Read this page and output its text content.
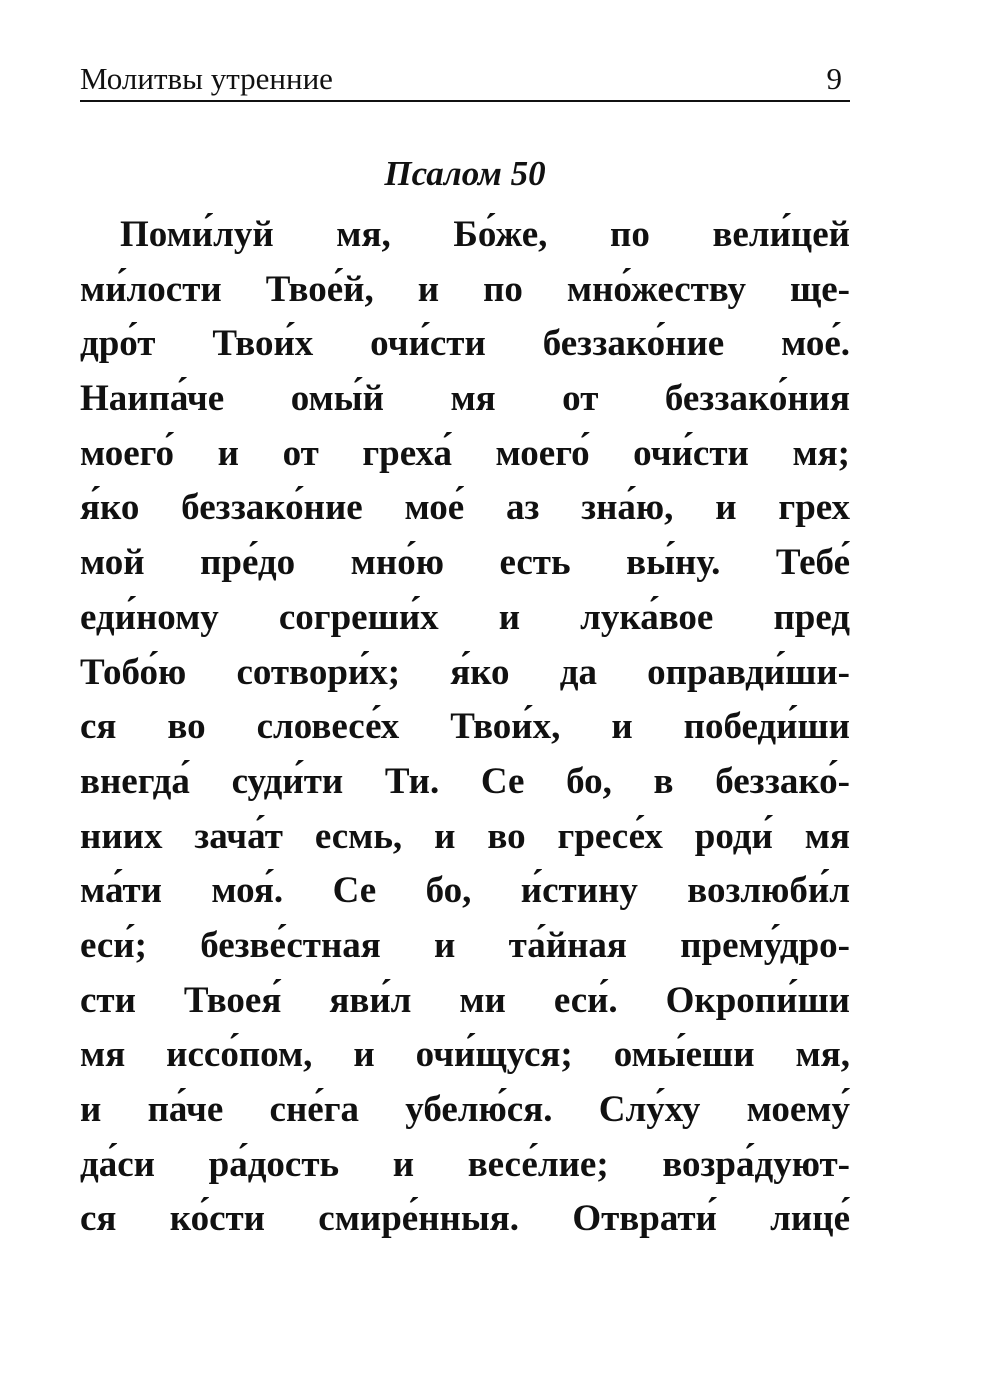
Молитвы утренние	9
Псалом 50
Поми́луй мя, Бо́же, по вели́цей
ми́лости Твое́й, и по мно́жеству ще-
дро́т Твои́х очи́сти беззако́ние мое́.
Наипа́че омы́й мя от беззако́ния
моего́ и от греха́ моего́ очи́сти мя;
я́ко беззако́ние мое́ аз зна́ю, и грех
мой пре́до мно́ю есть вы́ну. Тебе́
еди́ному согреши́х и лука́вое пред
Тобо́ю сотвори́х; я́ко да оправди́ши-
ся во словесе́х Твои́х, и победи́ши
внегда́ суди́ти Ти. Се бо, в беззако́-
ниих зача́т есмь, и во гресе́х роди́ мя
ма́ти моя́. Се бо, и́стину возлюби́л
еси́; безве́стная и та́йная прему́дро-
сти Твоея́ яви́л ми еси́. Окропи́ши
мя иссо́пом, и очи́щуся; омы́еши мя,
и па́че сне́га убелю́ся. Слу́ху моему́
да́си ра́дость и весе́лие; возра́дуют-
ся ко́сти смире́нныя. Отврати́ лице́
